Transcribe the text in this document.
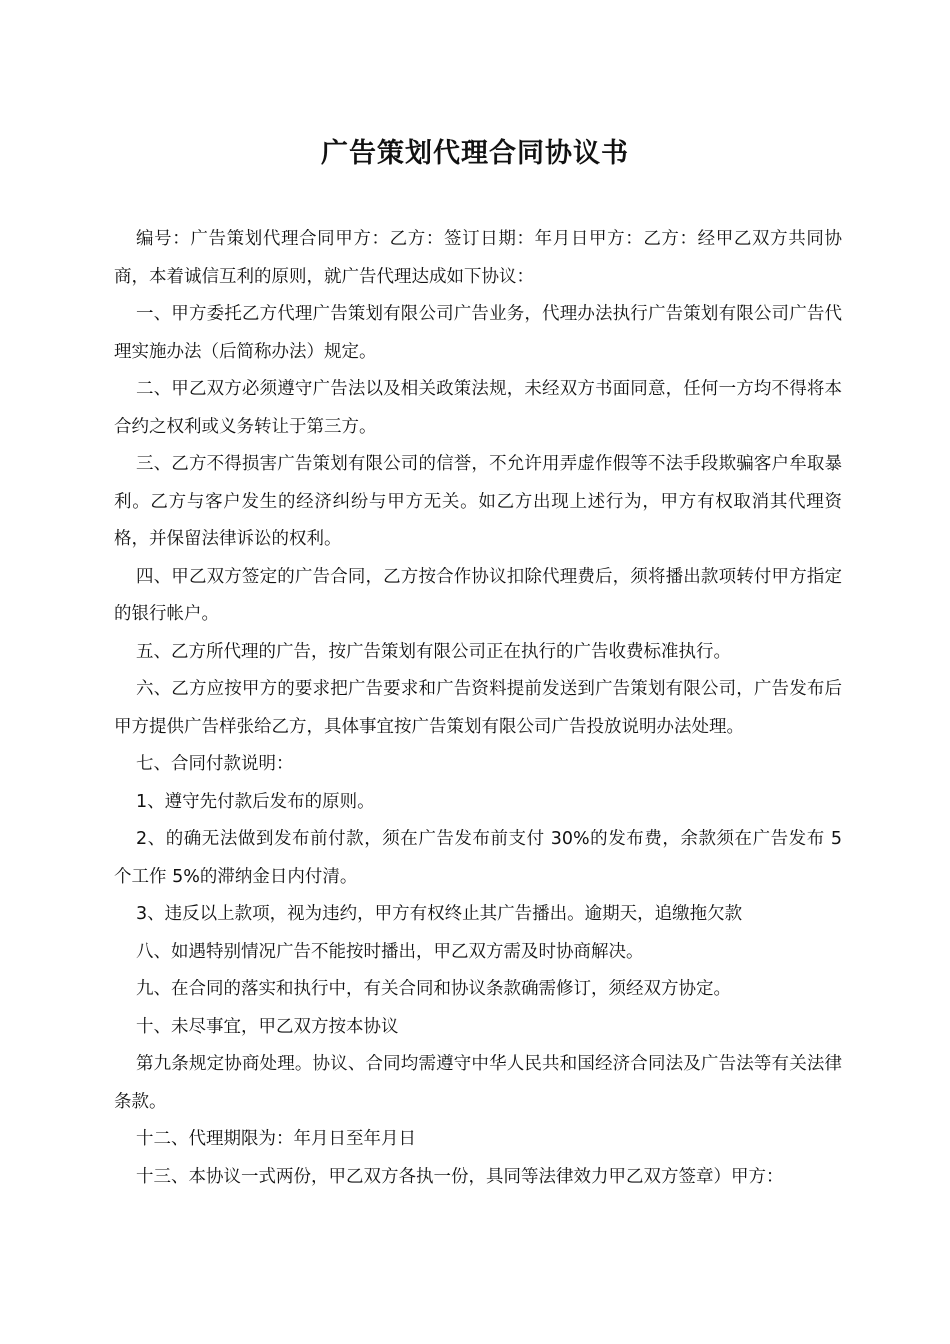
广告策划代理合同协议书

编号：广告策划代理合同甲方：乙方：签订日期：年月日甲方：乙方：经甲乙双方共同协商，本着诚信互利的原则，就广告代理达成如下协议：

一、甲方委托乙方代理广告策划有限公司广告业务，代理办法执行广告策划有限公司广告代理实施办法（后简称办法）规定。

二、甲乙双方必须遵守广告法以及相关政策法规，未经双方书面同意，任何一方均不得将本合约之权利或义务转让于第三方。

三、乙方不得损害广告策划有限公司的信誉，不允许用弄虚作假等不法手段欺骗客户牟取暴利。乙方与客户发生的经济纠纷与甲方无关。如乙方出现上述行为，甲方有权取消其代理资格，并保留法律诉讼的权利。

四、甲乙双方签定的广告合同，乙方按合作协议扣除代理费后，须将播出款项转付甲方指定的银行帐户。

五、乙方所代理的广告，按广告策划有限公司正在执行的广告收费标准执行。

六、乙方应按甲方的要求把广告要求和广告资料提前发送到广告策划有限公司，广告发布后甲方提供广告样张给乙方，具体事宜按广告策划有限公司广告投放说明办法处理。

七、合同付款说明：

1、遵守先付款后发布的原则。

2、的确无法做到发布前付款，须在广告发布前支付 30%的发布费，余款须在广告发布 5 个工作 5%的滞纳金日内付清。

3、违反以上款项，视为违约，甲方有权终止其广告播出。逾期天，追缴拖欠款

八、如遇特别情况广告不能按时播出，甲乙双方需及时协商解决。

九、在合同的落实和执行中，有关合同和协议条款确需修订，须经双方协定。

十、未尽事宜，甲乙双方按本协议

第九条规定协商处理。协议、合同均需遵守中华人民共和国经济合同法及广告法等有关法律条款。

十二、代理期限为：年月日至年月日

十三、本协议一式两份，甲乙双方各执一份，具同等法律效力甲乙双方签章）甲方：
